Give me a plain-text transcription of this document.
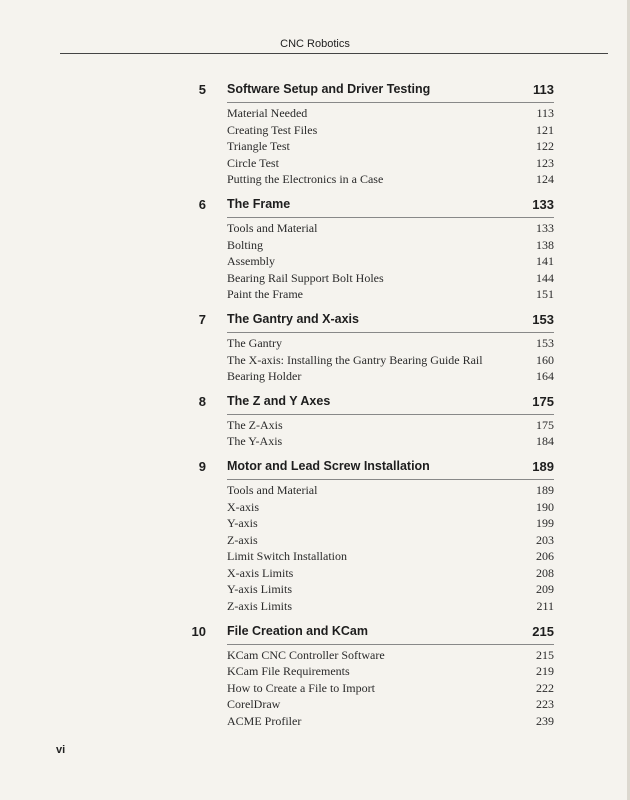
CNC Robotics
5 Software Setup and Driver Testing	113
Material Needed	113
Creating Test Files	121
Triangle Test	122
Circle Test	123
Putting the Electronics in a Case	124
6 The Frame	133
Tools and Material	133
Bolting	138
Assembly	141
Bearing Rail Support Bolt Holes	144
Paint the Frame	151
7 The Gantry and X-axis	153
The Gantry	153
The X-axis: Installing the Gantry Bearing Guide Rail	160
Bearing Holder	164
8 The Z and Y Axes	175
The Z-Axis	175
The Y-Axis	184
9 Motor and Lead Screw Installation	189
Tools and Material	189
X-axis	190
Y-axis	199
Z-axis	203
Limit Switch Installation	206
X-axis Limits	208
Y-axis Limits	209
Z-axis Limits	211
10 File Creation and KCam	215
KCam CNC Controller Software	215
KCam File Requirements	219
How to Create a File to Import	222
CorelDraw	223
ACME Profiler	239
vi
